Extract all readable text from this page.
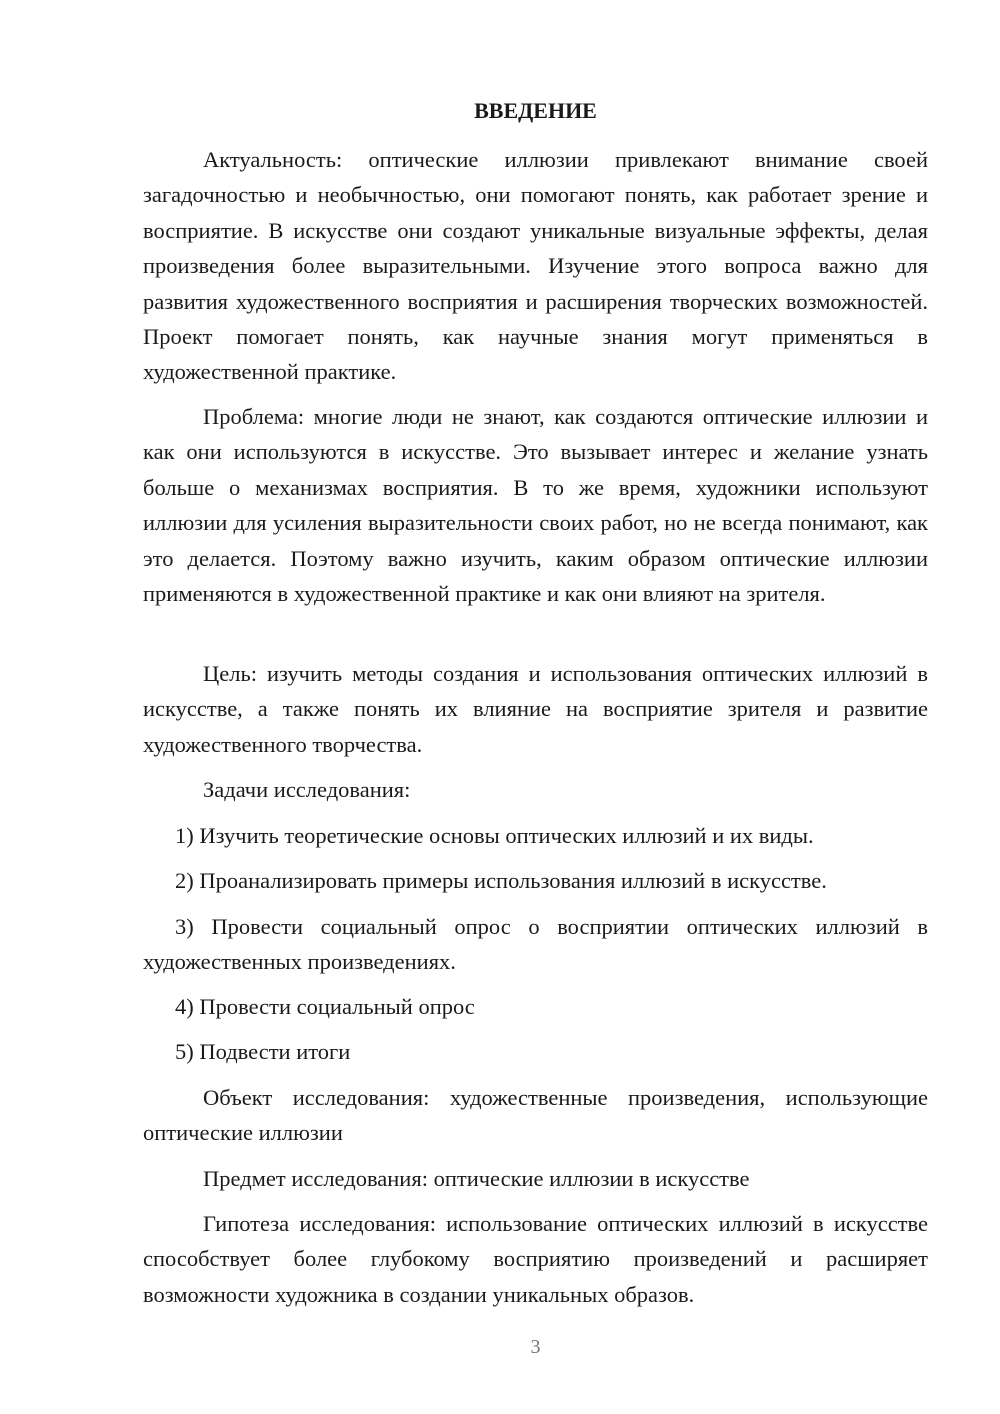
ВВЕДЕНИЕ

Актуальность: оптические иллюзии привлекают внимание своей загадочностью и необычностью, они помогают понять, как работает зрение и восприятие. В искусстве они создают уникальные визуальные эффекты, делая произведения более выразительными. Изучение этого вопроса важно для развития художественного восприятия и расширения творческих возможностей. Проект помогает понять, как научные знания могут применяться в художественной практике.

Проблема: многие люди не знают, как создаются оптические иллюзии и как они используются в искусстве. Это вызывает интерес и желание узнать больше о механизмах восприятия. В то же время, художники используют иллюзии для усиления выразительности своих работ, но не всегда понимают, как это делается. Поэтому важно изучить, каким образом оптические иллюзии применяются в художественной практике и как они влияют на зрителя.

Цель: изучить методы создания и использования оптических иллюзий в искусстве, а также понять их влияние на восприятие зрителя и развитие художественного творчества.

Задачи исследования:

1) Изучить теоретические основы оптических иллюзий и их виды.

2) Проанализировать примеры использования иллюзий в искусстве.

3) Провести социальный опрос о восприятии оптических иллюзий в художественных произведениях.

4) Провести социальный опрос

5) Подвести итоги

Объект исследования: художественные произведения, использующие оптические иллюзии

Предмет исследования: оптические иллюзии в искусстве

Гипотеза исследования: использование оптических иллюзий в искусстве способствует более глубокому восприятию произведений и расширяет возможности художника в создании уникальных образов.

3
